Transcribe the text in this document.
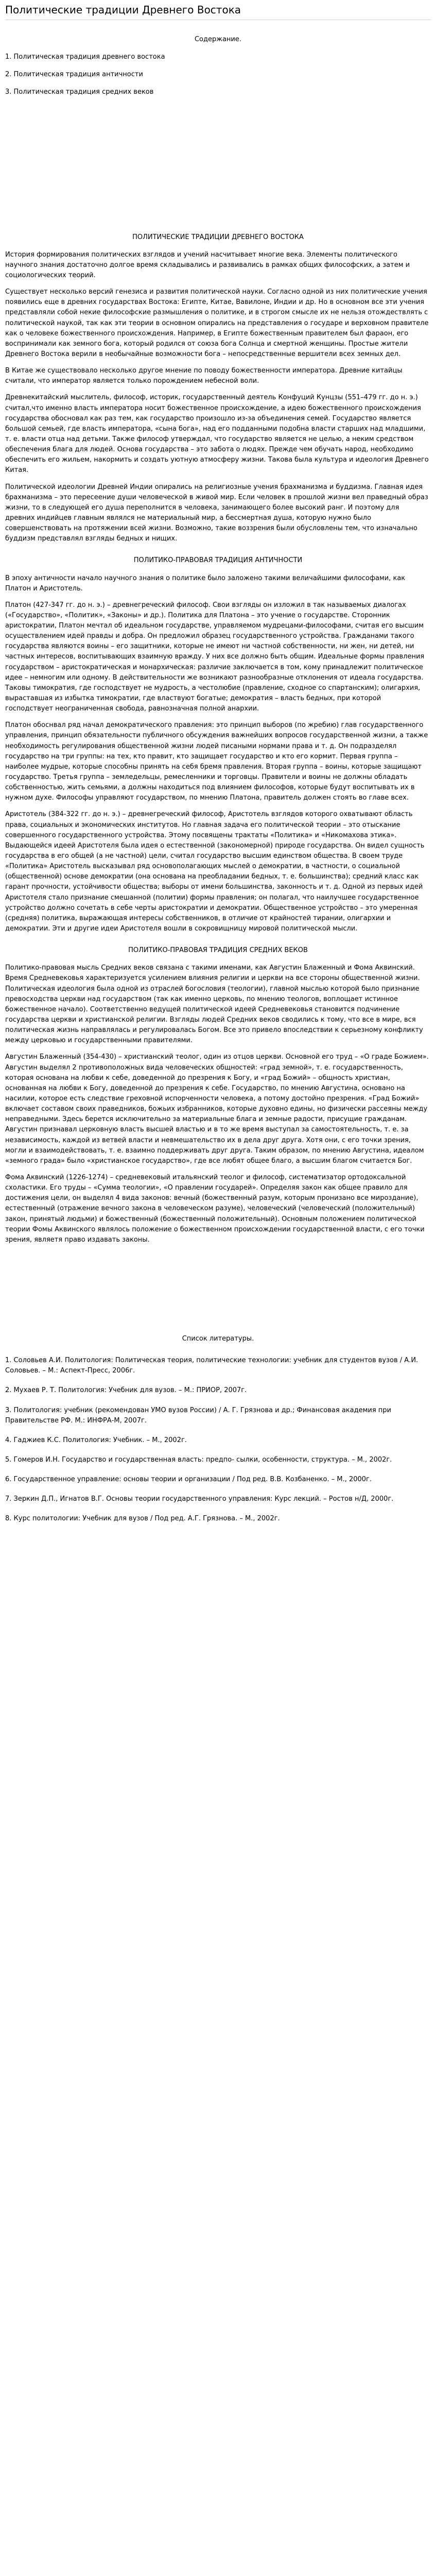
Политические традиции Древнего Востока
Содержание.
1. Политическая традиция древнего востока
2. Политическая традиция античности
3. Политическая традиция средних веков
ПОЛИТИЧЕСКИЕ ТРАДИЦИИ ДРЕВНЕГО ВОСТОКА

История формирования политических взглядов и учений насчитывает многие века. Элементы политического научного знания достаточно долгое время складывались и развивались в рамках общих философских, а затем и социологических теорий.

Существует несколько версий генезиса и развития политической науки. Согласно одной из них политические учения появились еще в древних государствах Востока: Египте, Китае, Вавилоне, Индии и др. Но в основном все эти учения представляли собой некие философские размышления о политике, и в строгом смысле их не нельзя отождествлять с политической наукой, так как эти теории в основном опирались на представления о государе и верховном правителе как о человеке божественного происхождения. Например, в Египте божественным правителем был фараон, его воспринимали как земного бога, который родился от союза бога Солнца и смертной женщины. Простые жители Древнего Востока верили в необычайные возможности бога – непосредственные вершители всех земных дел.

В Китае же существовало несколько другое мнение по поводу божественности императора. Древние китайцы считали, что император является только порождением небесной воли.

Древнекитайский мыслитель, философ, историк, государственный деятель Конфуций Кунцзы (551–479 гг. до н. э.) считал,что именно власть императора носит божественное происхождение, а идею божественного происхождения государства обосновал как раз тем, как государство произошло из-за объединения семей. Государство является большой семьей, где власть императора, «сына бога», над его подданными подобна власти старших над младшими, т. е. власти отца над детьми. Также философ утверждал, что государство является не целью, а неким средством обеспечения блага для людей. Основа государства – это забота о людях. Прежде чем обучать народ, необходимо обеспечить его жильем, накормить и создать уютную атмосферу жизни. Такова была культура и идеология Древнего Китая.

Политической идеологии Древней Индии опирались на религиозные учения брахманизма и буддизма. Главная идея брахманизма – это пересеение души человеческой в живой мир. Если человек в прошлой жизни вел праведный образ жизни, то в следующей его душа переполнится в человека, занимающего более высокий ранг. И поэтому для древних индийцев главным являлся не материальный мир, а бессмертная душа, которую нужно было совершенствовать на протяжении всей жизни. Возможно, такие воззрения были обусловлены тем, что изначально буддизм представлял взгляды бедных и нищих.

ПОЛИТИКО-ПРАВОВАЯ ТРАДИЦИЯ АНТИЧНОСТИ

В эпоху античности начало научного знания о политике было заложено такими величайшими философами, как Платон и Аристотель.

Платон (427-347 гг. до н. э.) – древнегреческий философ. Свои взгляды он изложил в так называемых диалогах («Государство», «Политик», «Законы» и др.). Политика для Платона – это учение о государстве. Сторонник аристократии, Платон мечтал об идеальном государстве, управляемом мудрецами-философами, считая его высшим осуществлением идей правды и добра. Он предложил образец государственного устройства. Гражданами такого государства являются воины – его защитники, которые не имеют ни частной собственности, ни жен, ни детей, ни частных интересов, воспитывающих взаимную вражду. У них все должно быть общим. Идеальные формы правления государством – аристократическая и монархическая: различие заключается в том, кому принадлежит политическое идее – немногим или одному. В действительности же возникают разнообразные отклонения от идеала государства. Таковы тимократия, где господствует не мудрость, а честолюбие (правление, сходное со спартанским); олигархия, выраставшая из избытка тимократии, где властвуют богатые; демократия – власть бедных, при которой господствует неограниченная свобода, равнозначная полной анархии.

Платон обоснвал ряд начал демократического правления: это принцип выборов (по жребию) глав государственного управления, принцип обязательности публичного обсуждения важнейших вопросов государственной жизни, а также необходимость регулирования общественной жизни людей писаными нормами права и т. д. Он подразделял государство на три группы: на тех, кто правит, кто защищает государство и кто его кормит. Первая группа – наиболее мудрые, которые способны принять на себя бремя правления. Вторая группа – воины, которые защищают государство. Третья группа – земледельцы, ремесленники и торговцы. Правители и воины не должны обладать собственностью, жить семьями, а должны находиться под влиянием философов, которые будут воспитывать их в нужном духе. Философы управляют государством, по мнению Платона, правитель должен стоять во главе всех.

Аристотель (384-322 гг. до н. э.) – древнегреческий философ, Аристотель взглядов которого охватывают область права, социальных и экономических институтов. Но главная задача его политической теории – это отыскание совершенного государственного устройства. Этому посвящены трактаты «Политика» и «Никомахова этика». Выдающейся идеей Аристотеля была идея о естественной (закономерной) природе государства. Он видел сущность государства в его общей (а не частной) цели, считал государство высшим единством общества. В своем труде «Политика» Аристотель высказывал ряд основополагающих мыслей о демократии, в частности, о социальной (общественной) основе демократии (она основана на преобладании бедных, т. е. большинства); средний класс как гарант прочности, устойчивости общества; выборы от имени большинства, законность и т. д. Одной из первых идей Аристотеля стало признание смешанной (политии) формы правления; он полагал, что наилучшее государственное устройство должно сочетать в себе черты аристократии и демократии. Общественное устройство – это умеренная (средняя) политика, выражающая интересы собственников, в отличие от крайностей тирании, олигархии и демократии. Эти и другие идеи Аристотеля вошли в сокровищницу мировой политической мысли.

ПОЛИТИКО-ПРАВОВАЯ ТРАДИЦИЯ СРЕДНИХ ВЕКОВ

Политико-правовая мысль Средних веков связана с такими именами, как Августин Блаженный и Фома Аквинский. Время Средневековья характеризуется усилением влияния религии и церкви на все стороны общественной жизни. Политическая идеология была одной из отраслей богословия (теологии), главной мыслью которой было признание превосходства церкви над государством (так как именно церковь, по мнению теологов, воплощает истинное божественное начало). Соответственно ведущей политической идеей Средневековья становится подчинение государства церкви и христианской религии. Взгляды людей Средних веков сводились к тому, что все в мире, вся политическая жизнь направлялась и регулировалась Богом. Все это привело впоследствии к серьезному конфликту между церковью и государственными правителями.

Августин Блаженный (354-430) – христианский теолог, один из отцов церкви. Основной его труд – «О граде Божием». Августин выделял 2 противоположных вида человеческих общностей: «град земной», т. е. государственность, которая основана на любви к себе, доведенной до презрения к Богу, и «град Божий» – общность христиан, основанная на любви к Богу, доведенной до презрения к себе. Государство, по мнению Августина, основано на насилии, которое есть следствие греховной испорченности человека, а потому достойно презрения. «Град Божий» включает составом своих праведников, божьих избранников, которые духовно едины, но физически рассеяны между неправедными. Здесь берется исключительно за материальные блага и земные радости, присущие гражданам. Августин признавал церковную власть высшей властью и в то же время выступал за самостоятельность, т. е. за независимость, каждой из ветвей власти и невмешательство их в дела друг друга. Хотя они, с его точки зрения, могли и взаимодействовать, т. е. взаимно поддерживать друг друга. Таким образом, по мнению Августина, идеалом «земного града» было «христианское государство», где все любят общее благо, а высшим благом считается Бог.

Фома Аквинский (1226-1274) – средневековый итальянский теолог и философ, систематизатор ортодоксальной схоластики. Его труды – «Сумма теологии», «О правлении государей». Определяя закон как общее правило для достижения цели, он выделял 4 вида законов: вечный (божественный разум, которым пронизано все мироздание), естественный (отражение вечного закона в человеческом разуме), человеческий (человеческий (положительный) закон, принятый людьми) и божественный (божественный положительный). Основным положением политической теории Фомы Аквинского являлось положение о божественном происхождении государственной власти, с его точки зрения, являетя право издавать законы.

Список литературы.
1. Соловьев А.И. Политология: Политическая теория, политические технологии: учебник для студентов вузов / А.И. Соловьев. – М.: Аспект-Пресс, 2006г.
2. Мухаев Р. Т. Политология: Учебник для вузов. – М.: ПРИОР, 2007г.
3. Политология: учебник (рекомендован УМО вузов России) / А. Г. Грязнова и др.; Финансовая академия при Правительстве РФ. М.: ИНФРА-М, 2007г.
4. Гаджиев К.С. Политология: Учебник. – М., 2002г.
5. Гомеров И.Н. Государство и государственная власть: предпо- сылки, особенности, структура. – М., 2002г.
6. Государственное управление: основы теории и организации / Под ред. В.В. Козбаненко. – М., 2000г.
7. Зеркин Д.П., Игнатов В.Г. Основы теории государственного управления: Курс лекций. – Ростов н/Д, 2000г.
8. Курс политологии: Учебник для вузов / Под ред. А.Г. Грязнова. – М., 2002г.
